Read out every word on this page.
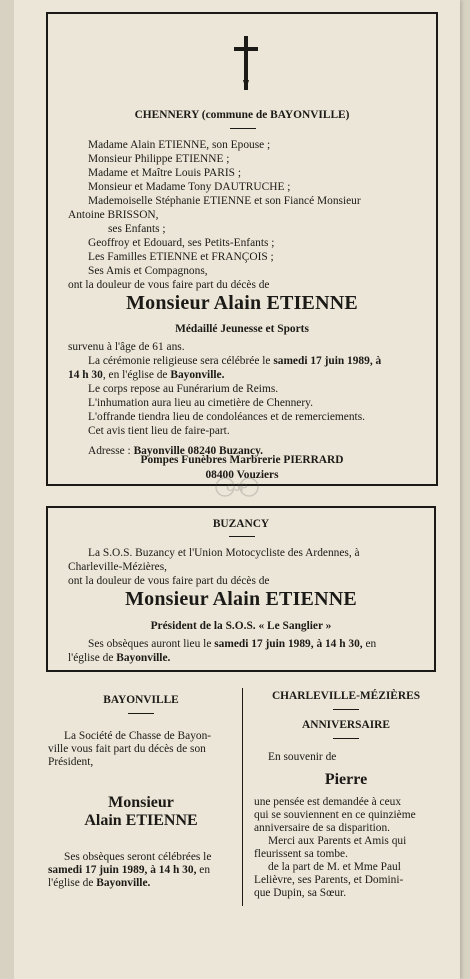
CHENNERY (commune de BAYONVILLE)
Madame Alain ETIENNE, son Epouse ;
Monsieur Philippe ETIENNE ;
Madame et Maître Louis PARIS ;
Monsieur et Madame Tony DAUTRUCHE ;
Mademoiselle Stéphanie ETIENNE et son Fiancé Monsieur
Antoine BRISSON,
ses Enfants ;
Geoffroy et Edouard, ses Petits-Enfants ;
Les Familles ETIENNE et FRANÇOIS ;
Ses Amis et Compagnons,
ont la douleur de vous faire part du décès de
Monsieur Alain ETIENNE
Médaillé Jeunesse et Sports
survenu à l'âge de 61 ans.
La cérémonie religieuse sera célébrée le samedi 17 juin 1989, à
14 h 30, en l'église de Bayonville.
Le corps repose au Funérarium de Reims.
L'inhumation aura lieu au cimetière de Chennery.
L'offrande tiendra lieu de condoléances et de remerciements.
Cet avis tient lieu de faire-part.
Adresse : Bayonville 08240 Buzancy.
Pompes Funèbres Marbrerie PIERRARD
08400 Vouziers
CJP
BUZANCY
La S.O.S. Buzancy et l'Union Motocycliste des Ardennes, à
Charleville-Mézières,
ont la douleur de vous faire part du décès de
Monsieur Alain ETIENNE
Président de la S.O.S. « Le Sanglier »
Ses obsèques auront lieu le samedi 17 juin 1989, à 14 h 30, en
l'église de Bayonville.
BAYONVILLE
La Société de Chasse de Bayon-
ville vous fait part du décès de son
Président,
Monsieur
Alain ETIENNE
Ses obsèques seront célébrées le
samedi 17 juin 1989, à 14 h 30, en
l'église de Bayonville.
CHARLEVILLE-MÉZIÈRES
ANNIVERSAIRE
En souvenir de
Pierre
une pensée est demandée à ceux
qui se souviennent en ce quinzième
anniversaire de sa disparition.
Merci aux Parents et Amis qui
fleurissent sa tombe.
de la part de M. et Mme Paul
Lelièvre, ses Parents, et Domini-
que Dupin, sa Sœur.
